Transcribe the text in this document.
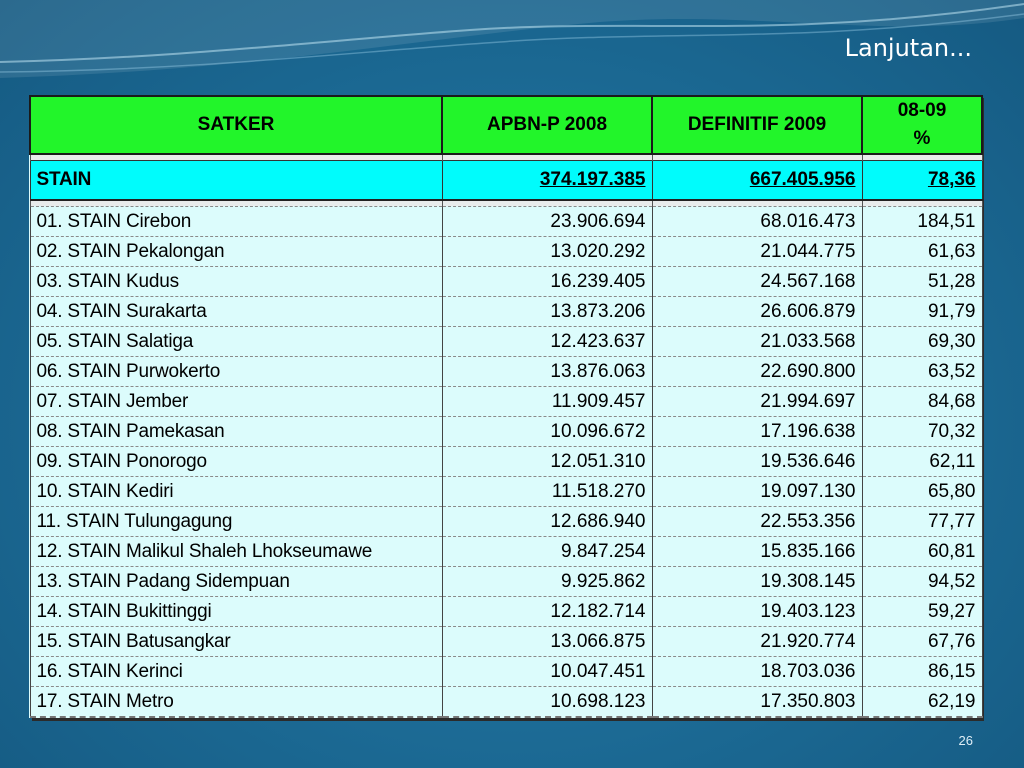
Lanjutan...
SATKER	APBN-P 2008	DEFINITIF 2009	08-09
%

STAIN	374.197.385	667.405.956	78,36

01. STAIN Cirebon	23.906.694	68.016.473	184,51
02. STAIN Pekalongan	13.020.292	21.044.775	61,63
03. STAIN Kudus	16.239.405	24.567.168	51,28
04. STAIN Surakarta	13.873.206	26.606.879	91,79
05. STAIN Salatiga	12.423.637	21.033.568	69,30
06. STAIN Purwokerto	13.876.063	22.690.800	63,52
07. STAIN Jember	11.909.457	21.994.697	84,68
08. STAIN Pamekasan	10.096.672	17.196.638	70,32
09. STAIN Ponorogo	12.051.310	19.536.646	62,11
10. STAIN Kediri	11.518.270	19.097.130	65,80
11. STAIN Tulungagung	12.686.940	22.553.356	77,77
12. STAIN Malikul Shaleh Lhokseumawe	9.847.254	15.835.166	60,81
13. STAIN Padang Sidempuan	9.925.862	19.308.145	94,52
14. STAIN Bukittinggi	12.182.714	19.403.123	59,27
15. STAIN Batusangkar	13.066.875	21.920.774	67,76
16. STAIN Kerinci	10.047.451	18.703.036	86,15
17. STAIN Metro	10.698.123	17.350.803	62,19
26
